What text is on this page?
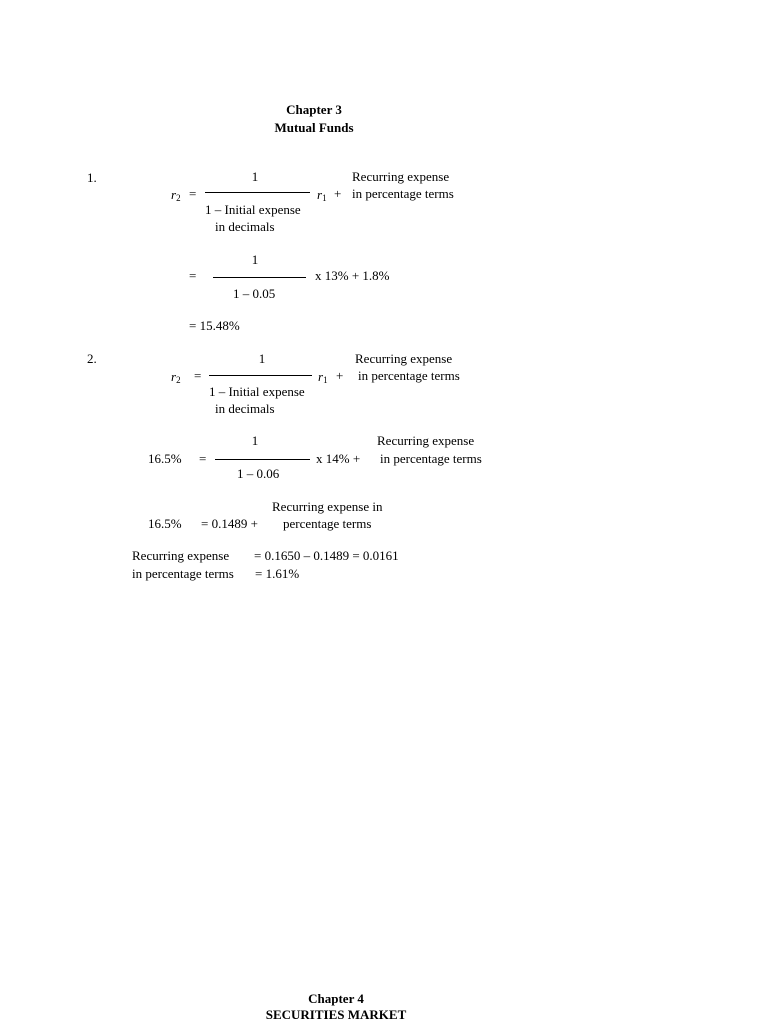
Chapter 3
Mutual Funds
1.	1	Recurring expense
$r_2$ =	$r_1$ + in percentage terms
1 – Initial expense
in decimals
1
=	x 13% + 1.8%
1 – 0.05
= 15.48%
2.	1	Recurring expense
$r_2$ =	$r_1$ + in percentage terms
1 – Initial expense
in decimals
1	Recurring expense
16.5% =	x 14% + in percentage terms
1 – 0.06
Recurring expense in
16.5% = 0.1489 + percentage terms
Recurring expense = 0.1650 – 0.1489 = 0.0161
in percentage terms = 1.61%
Chapter 4
SECURITIES MARKET
